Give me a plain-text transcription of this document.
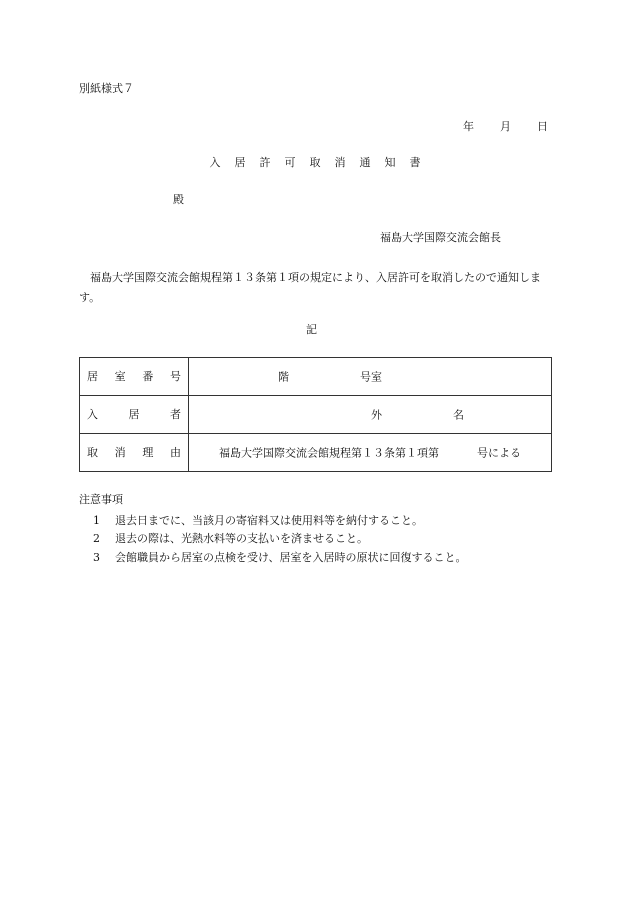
別紙様式７
年 月 日
入 居 許 可 取 消 通 知 書
殿
福島大学国際交流会館長
福島大学国際交流会館規程第１３条第１項の規定により、入居許可を取消したので通知します。
記
居 室 番 号	階 号室

入 居 者	外 名

取 消 理 由	福島大学国際交流会館規程第１３条第１項第 号による
注意事項
1 退去日までに、当該月の寄宿料又は使用料等を納付すること。
2 退去の際は、光熱水料等の支払いを済ませること。
3 会館職員から居室の点検を受け、居室を入居時の原状に回復すること。
